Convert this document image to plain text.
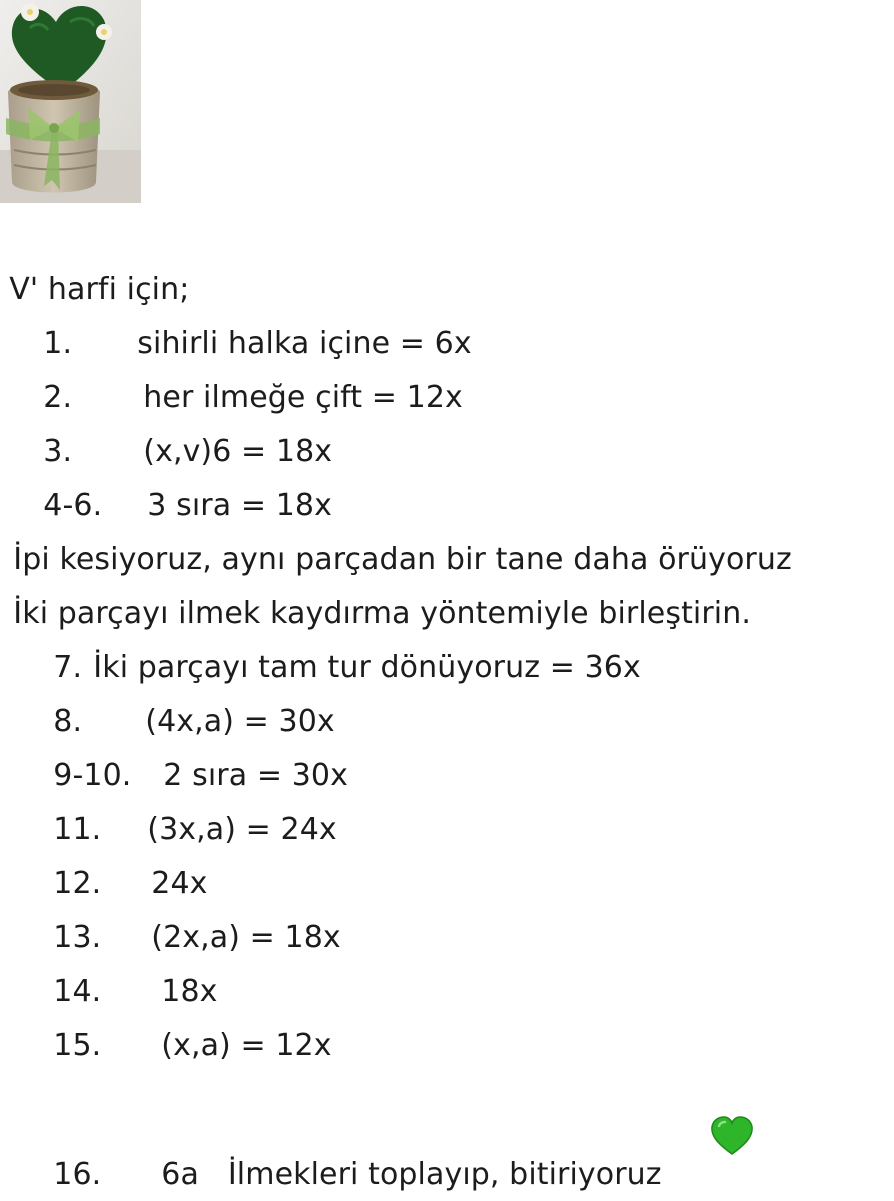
V' harfi için;

1. sihirli halka içine = 6x

2. her ilmeğe çift = 12x

3. (x,v)6 = 18x

4-6. 3 sıra = 18x

İpi kesiyoruz, aynı parçadan bir tane daha örüyoruz

İki parçayı ilmek kaydırma yöntemiyle birleştirin.

7. İki parçayı tam tur dönüyoruz = 36x

8. (4x,a) = 30x

9-10. 2 sıra = 30x

11. (3x,a) = 24x

12. 24x

13. (2x,a) = 18x

14. 18x

15. (x,a) = 12x

16. 6a   İlmekleri toplayıp, bitiriyoruz
